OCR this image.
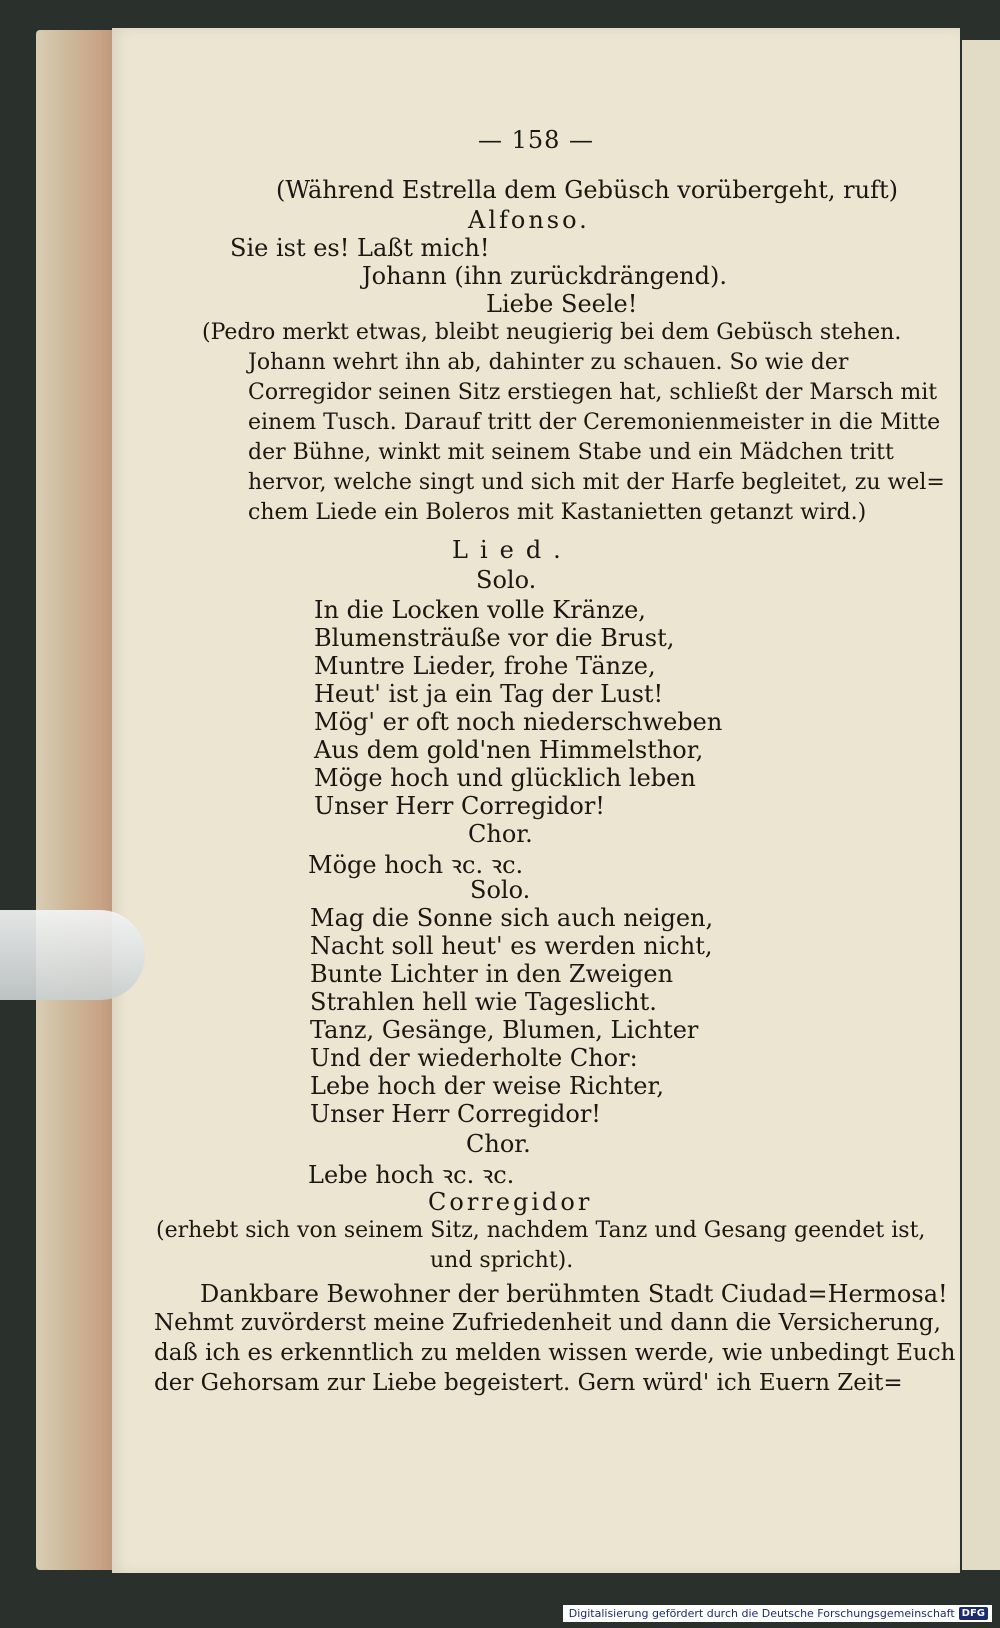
— 158 —
(Während Estrella dem Gebüsch vorübergeht, ruft)
Alfonso.
Sie ist es! Laßt mich!
Johann (ihn zurückdrängend).
Liebe Seele!
(Pedro merkt etwas, bleibt neugierig bei dem Gebüsch stehen.
Johann wehrt ihn ab, dahinter zu schauen. So wie der
Corregidor seinen Sitz erstiegen hat, schließt der Marsch mit
einem Tusch. Darauf tritt der Ceremonienmeister in die Mitte
der Bühne, winkt mit seinem Stabe und ein Mädchen tritt
hervor, welche singt und sich mit der Harfe begleitet, zu wel=
chem Liede ein Boleros mit Kastanietten getanzt wird.)
Lied.
Solo.
In die Locken volle Kränze,
Blumensträuße vor die Brust,
Muntre Lieder, frohe Tänze,
Heut' ist ja ein Tag der Lust!
Mög' er oft noch niederschweben
Aus dem gold'nen Himmelsthor,
Möge hoch und glücklich leben
Unser Herr Corregidor!
Chor.
Möge hoch ꝛc. ꝛc.
Solo.
Mag die Sonne sich auch neigen,
Nacht soll heut' es werden nicht,
Bunte Lichter in den Zweigen
Strahlen hell wie Tageslicht.
Tanz, Gesänge, Blumen, Lichter
Und der wiederholte Chor:
Lebe hoch der weise Richter,
Unser Herr Corregidor!
Chor.
Lebe hoch ꝛc. ꝛc.
Corregidor
(erhebt sich von seinem Sitz, nachdem Tanz und Gesang geendet ist,
und spricht).
Dankbare Bewohner der berühmten Stadt Ciudad=Hermosa!
Nehmt zuvörderst meine Zufriedenheit und dann die Versicherung,
daß ich es erkenntlich zu melden wissen werde, wie unbedingt Euch
der Gehorsam zur Liebe begeistert. Gern würd' ich Euern Zeit=
Digitalisierung gefördert durch die Deutsche Forschungsgemeinschaft DFG
